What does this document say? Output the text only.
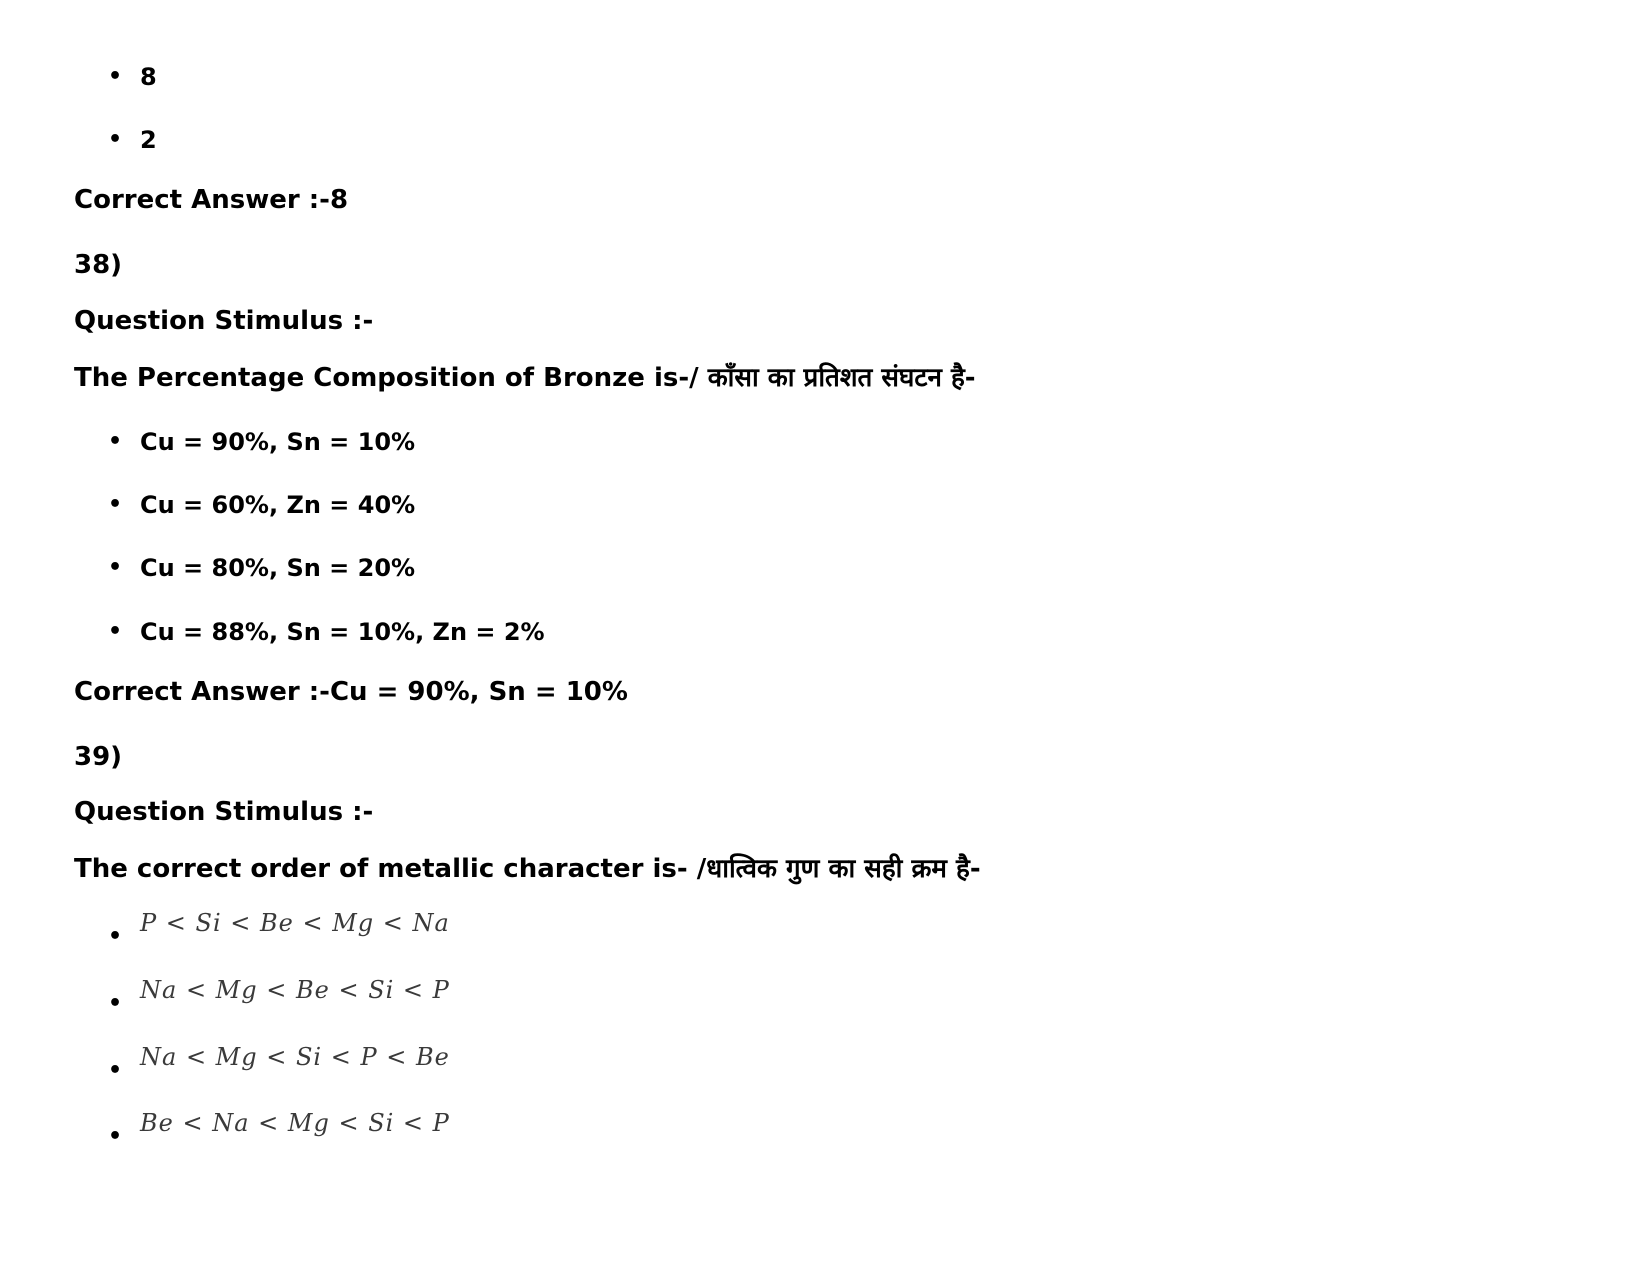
• 8
• 2
Correct Answer :-8
38)
Question Stimulus :-
The Percentage Composition of Bronze is-/ काँसा का प्रतिशत संघटन है-
• Cu = 90%, Sn = 10%
• Cu = 60%, Zn = 40%
• Cu = 80%, Sn = 20%
• Cu = 88%, Sn = 10%, Zn = 2%
Correct Answer :-Cu = 90%, Sn = 10%
39)
Question Stimulus :-
The correct order of metallic character is- /धात्विक गुण का सही क्रम है-
• P < Si < Be < Mg < Na
• Na < Mg < Be < Si < P
• Na < Mg < Si < P < Be
• Be < Na < Mg < Si < P
